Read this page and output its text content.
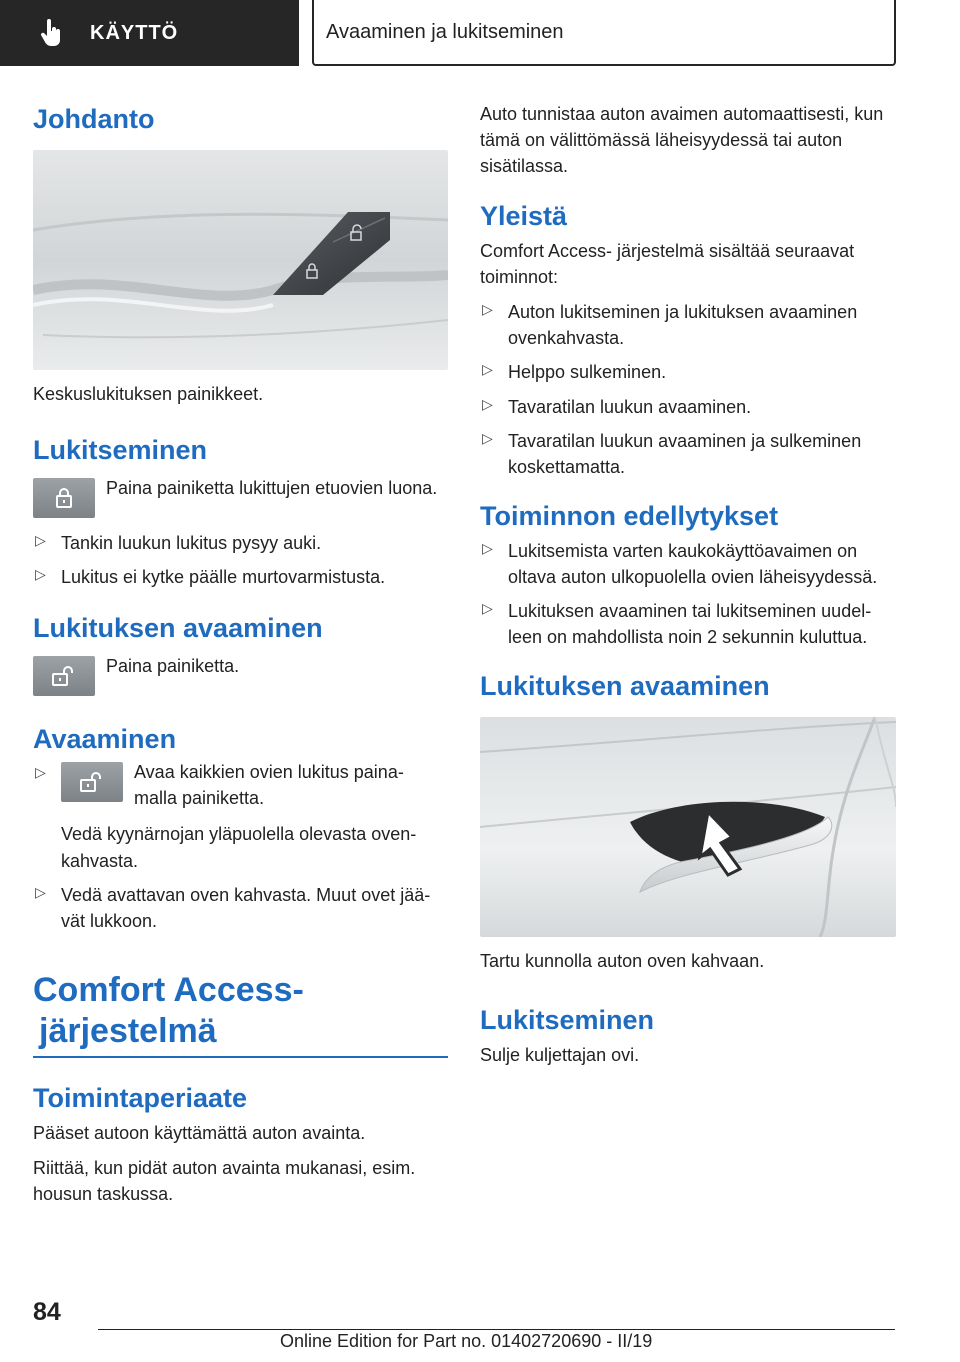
KÄYTTÖ	Avaaminen ja lukitseminen
Johdanto

Keskuslukituksen painikkeet.

Lukitseminen

Paina painiketta lukittujen etuovien luona.

▷ Tankin luukun lukitus pysyy auki.
▷ Lukitus ei kytke päälle murtovarmistusta.
Lukituksen avaaminen

Paina painiketta.

Avaaminen
▷	Avaa kaikkien ovien lukitus paina- malla painiketta.

Vedä kyynärnojan yläpuolella olevasta oven- kahvasta.

▷ Vedä avattavan oven kahvasta. Muut ovet jää- vät lukkoon.
Comfort Access-
järjestelmä
Toimintaperiaate

Pääset autoon käyttämättä auton avainta.

Riittää, kun pidät auton avainta mukanasi, esim. housun taskussa.

Auto tunnistaa auton avaimen automaattisesti, kun tämä on välittömässä läheisyydessä tai auton sisätilassa.

Yleistä

Comfort Access- järjestelmä sisältää seuraavat toiminnot:

▷ Auton lukitseminen ja lukituksen avaaminen ovenkahvasta.
▷ Helppo sulkeminen.
▷ Tavaratilan luukun avaaminen.
▷ Tavaratilan luukun avaaminen ja sulkeminen koskettamatta.
Toiminnon edellytykset
▷ Lukitsemista varten kaukokäyttöavaimen on oltava auton ulkopuolella ovien läheisyydessä.
▷ Lukituksen avaaminen tai lukitseminen uudel- leen on mahdollista noin 2 sekunnin kuluttua.
Lukituksen avaaminen

Tartu kunnolla auton oven kahvaan.

Lukitseminen

Sulje kuljettajan ovi.

84
Online Edition for Part no. 01402720690 - II/19
